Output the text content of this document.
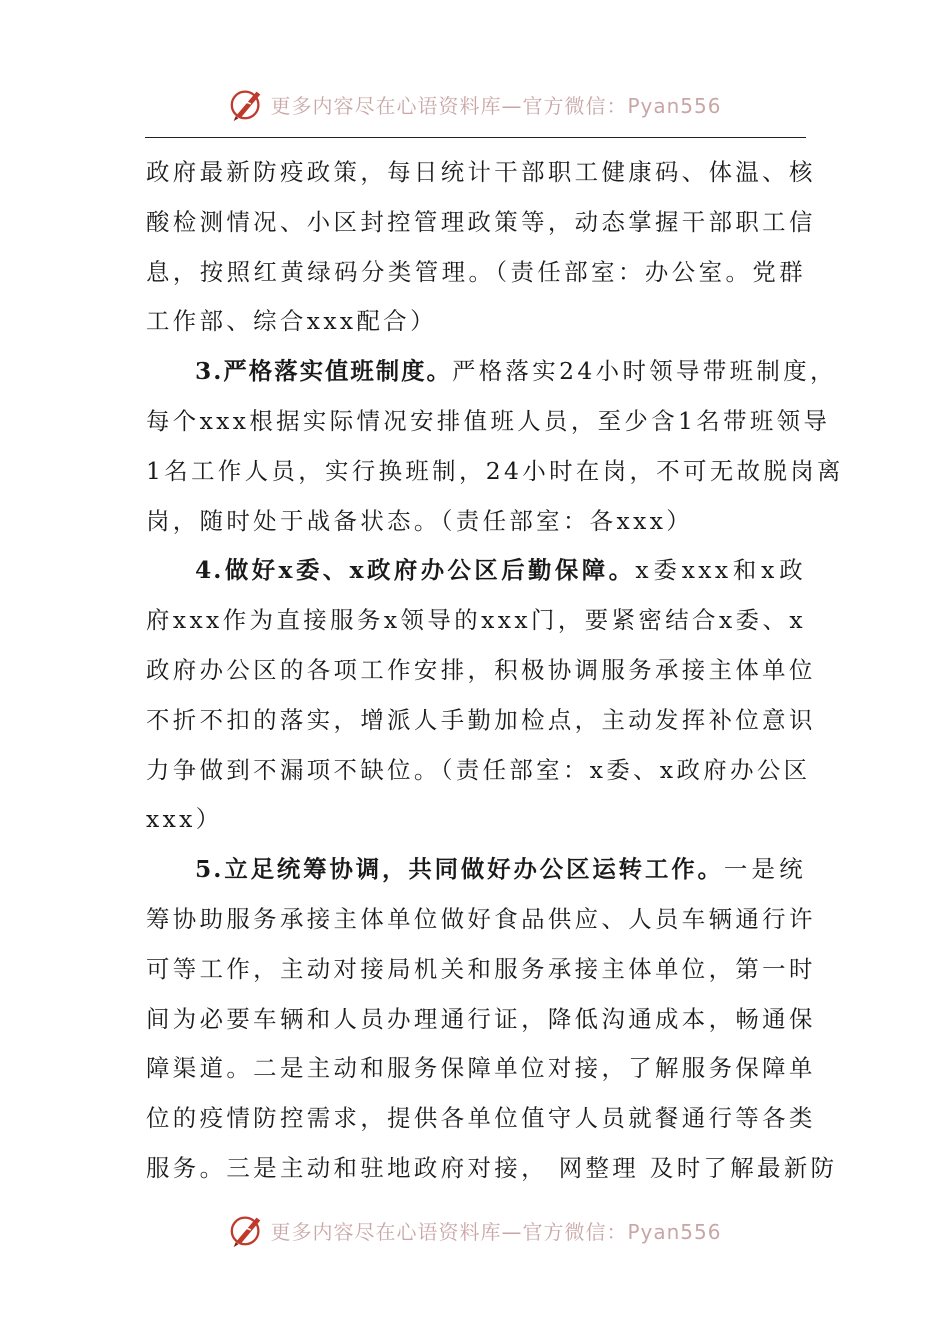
更多内容尽在心语资料库—官方微信：Pyan556
政府最新防疫政策，每日统计干部职工健康码、体温、核
酸检测情况、小区封控管理政策等，动态掌握干部职工信
息，按照红黄绿码分类管理。（责任部室：办公室。党群
工作部、综合xxx配合）
3.严格落实值班制度。严格落实24小时领导带班制度，
每个xxx根据实际情况安排值班人员，至少含1名带班领导
1名工作人员，实行换班制，24小时在岗，不可无故脱岗离
岗，随时处于战备状态。（责任部室：各xxx）
4.做好x委、x政府办公区后勤保障。x委xxx和x政
府xxx作为直接服务x领导的xxx门，要紧密结合x委、x
政府办公区的各项工作安排，积极协调服务承接主体单位
不折不扣的落实，增派人手勤加检点，主动发挥补位意识
力争做到不漏项不缺位。（责任部室：x委、x政府办公区
xxx）
5.立足统筹协调，共同做好办公区运转工作。一是统
筹协助服务承接主体单位做好食品供应、人员车辆通行许
可等工作，主动对接局机关和服务承接主体单位，第一时
间为必要车辆和人员办理通行证，降低沟通成本，畅通保
障渠道。二是主动和服务保障单位对接，了解服务保障单
位的疫情防控需求，提供各单位值守人员就餐通行等各类
服务。三是主动和驻地政府对接， 网整理 及时了解最新防
更多内容尽在心语资料库—官方微信：Pyan556
